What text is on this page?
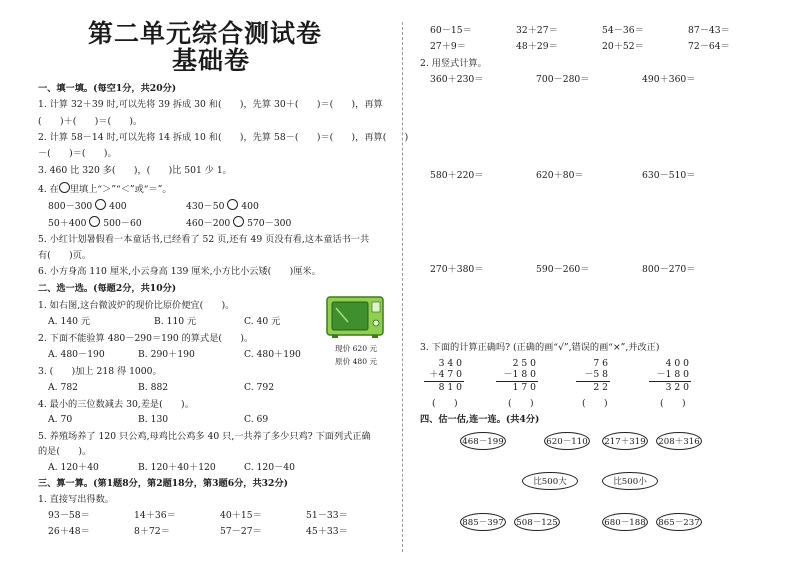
第二单元综合测试卷
基础卷
一、填一填。(每空1分，共20分)
1. 计算 32＋39 时,可以先将 39 拆成 30 和(　　)，先算 30＋(　　)＝(　　)，再算
(　　)＋(　　)＝(　　)。
2. 计算 58－14 时,可以先将 14 拆成 10 和(　　)，先算 58－(　　)＝(　　)，再算(　　)
－(　　)＝(　　)。
3. 460 比 320 多(　　)，(　　)比 501 少 1。
4. 在 里填上“＞”“＜”或“＝”。
800－300 400	430－50 400
50＋400 500－60	460－200 570－300
5. 小红计划暑假看一本童话书,已经看了 52 页,还有 49 页没有看,这本童话书一共
有(　　)页。
6. 小方身高 110 厘米,小云身高 139 厘米,小方比小云矮(　　)厘米。
二、选一选。(每题2分，共10分)
1. 如右图,这台微波炉的现价比原价便宜(　　)。
A. 140 元	B. 110 元	C. 40 元
2. 下面不能验算 480－290＝190 的算式是(　　)。
A. 480－190	B. 290＋190	C. 480＋190
3. (　　)加上 218 得 1000。
A. 782	B. 882	C. 792
4. 最小的三位数减去 30,差是(　　)。
A. 70	B. 130	C. 69
5. 养殖场养了 120 只公鸡,母鸡比公鸡多 40 只,一共养了多少只鸡? 下面列式正确
的是(　　)。
A. 120＋40	B. 120＋40＋120	C. 120－40
现价 620 元
原价 480 元
三、算一算。(第1题8分，第2题18分，第3题6分，共32分)
1. 直接写出得数。
93－58＝	14＋36＝	40＋15＝	51－33＝
26＋48＝	8＋72＝	57－27＝	45＋33＝
60－15＝	32＋27＝	54－36＝	87－43＝
27＋9＝	48＋29＝	20＋52＝	72－64＝
2. 用竖式计算。
360＋230＝	700－280＝	490＋360＝
580＋220＝	620＋80＝	630－510＝
270＋380＝	590－260＝	800－270＝
3. 下面的计算正确吗? (正确的画“√”,错误的画“×”,并改正)
3 4 0
＋4 7 0
8 1 0
2 5 0
－1 8 0
1 7 0
7 6
－5 8
2 2
4 0 0
－1 8 0
3 2 0
(　　)	(　　)	(　　)	(　　)
四、估一估,连一连。(共4分)
468－199	620－110 217＋319 208＋316
比500大	比500小
885－397 508－125	680－188 865－237
